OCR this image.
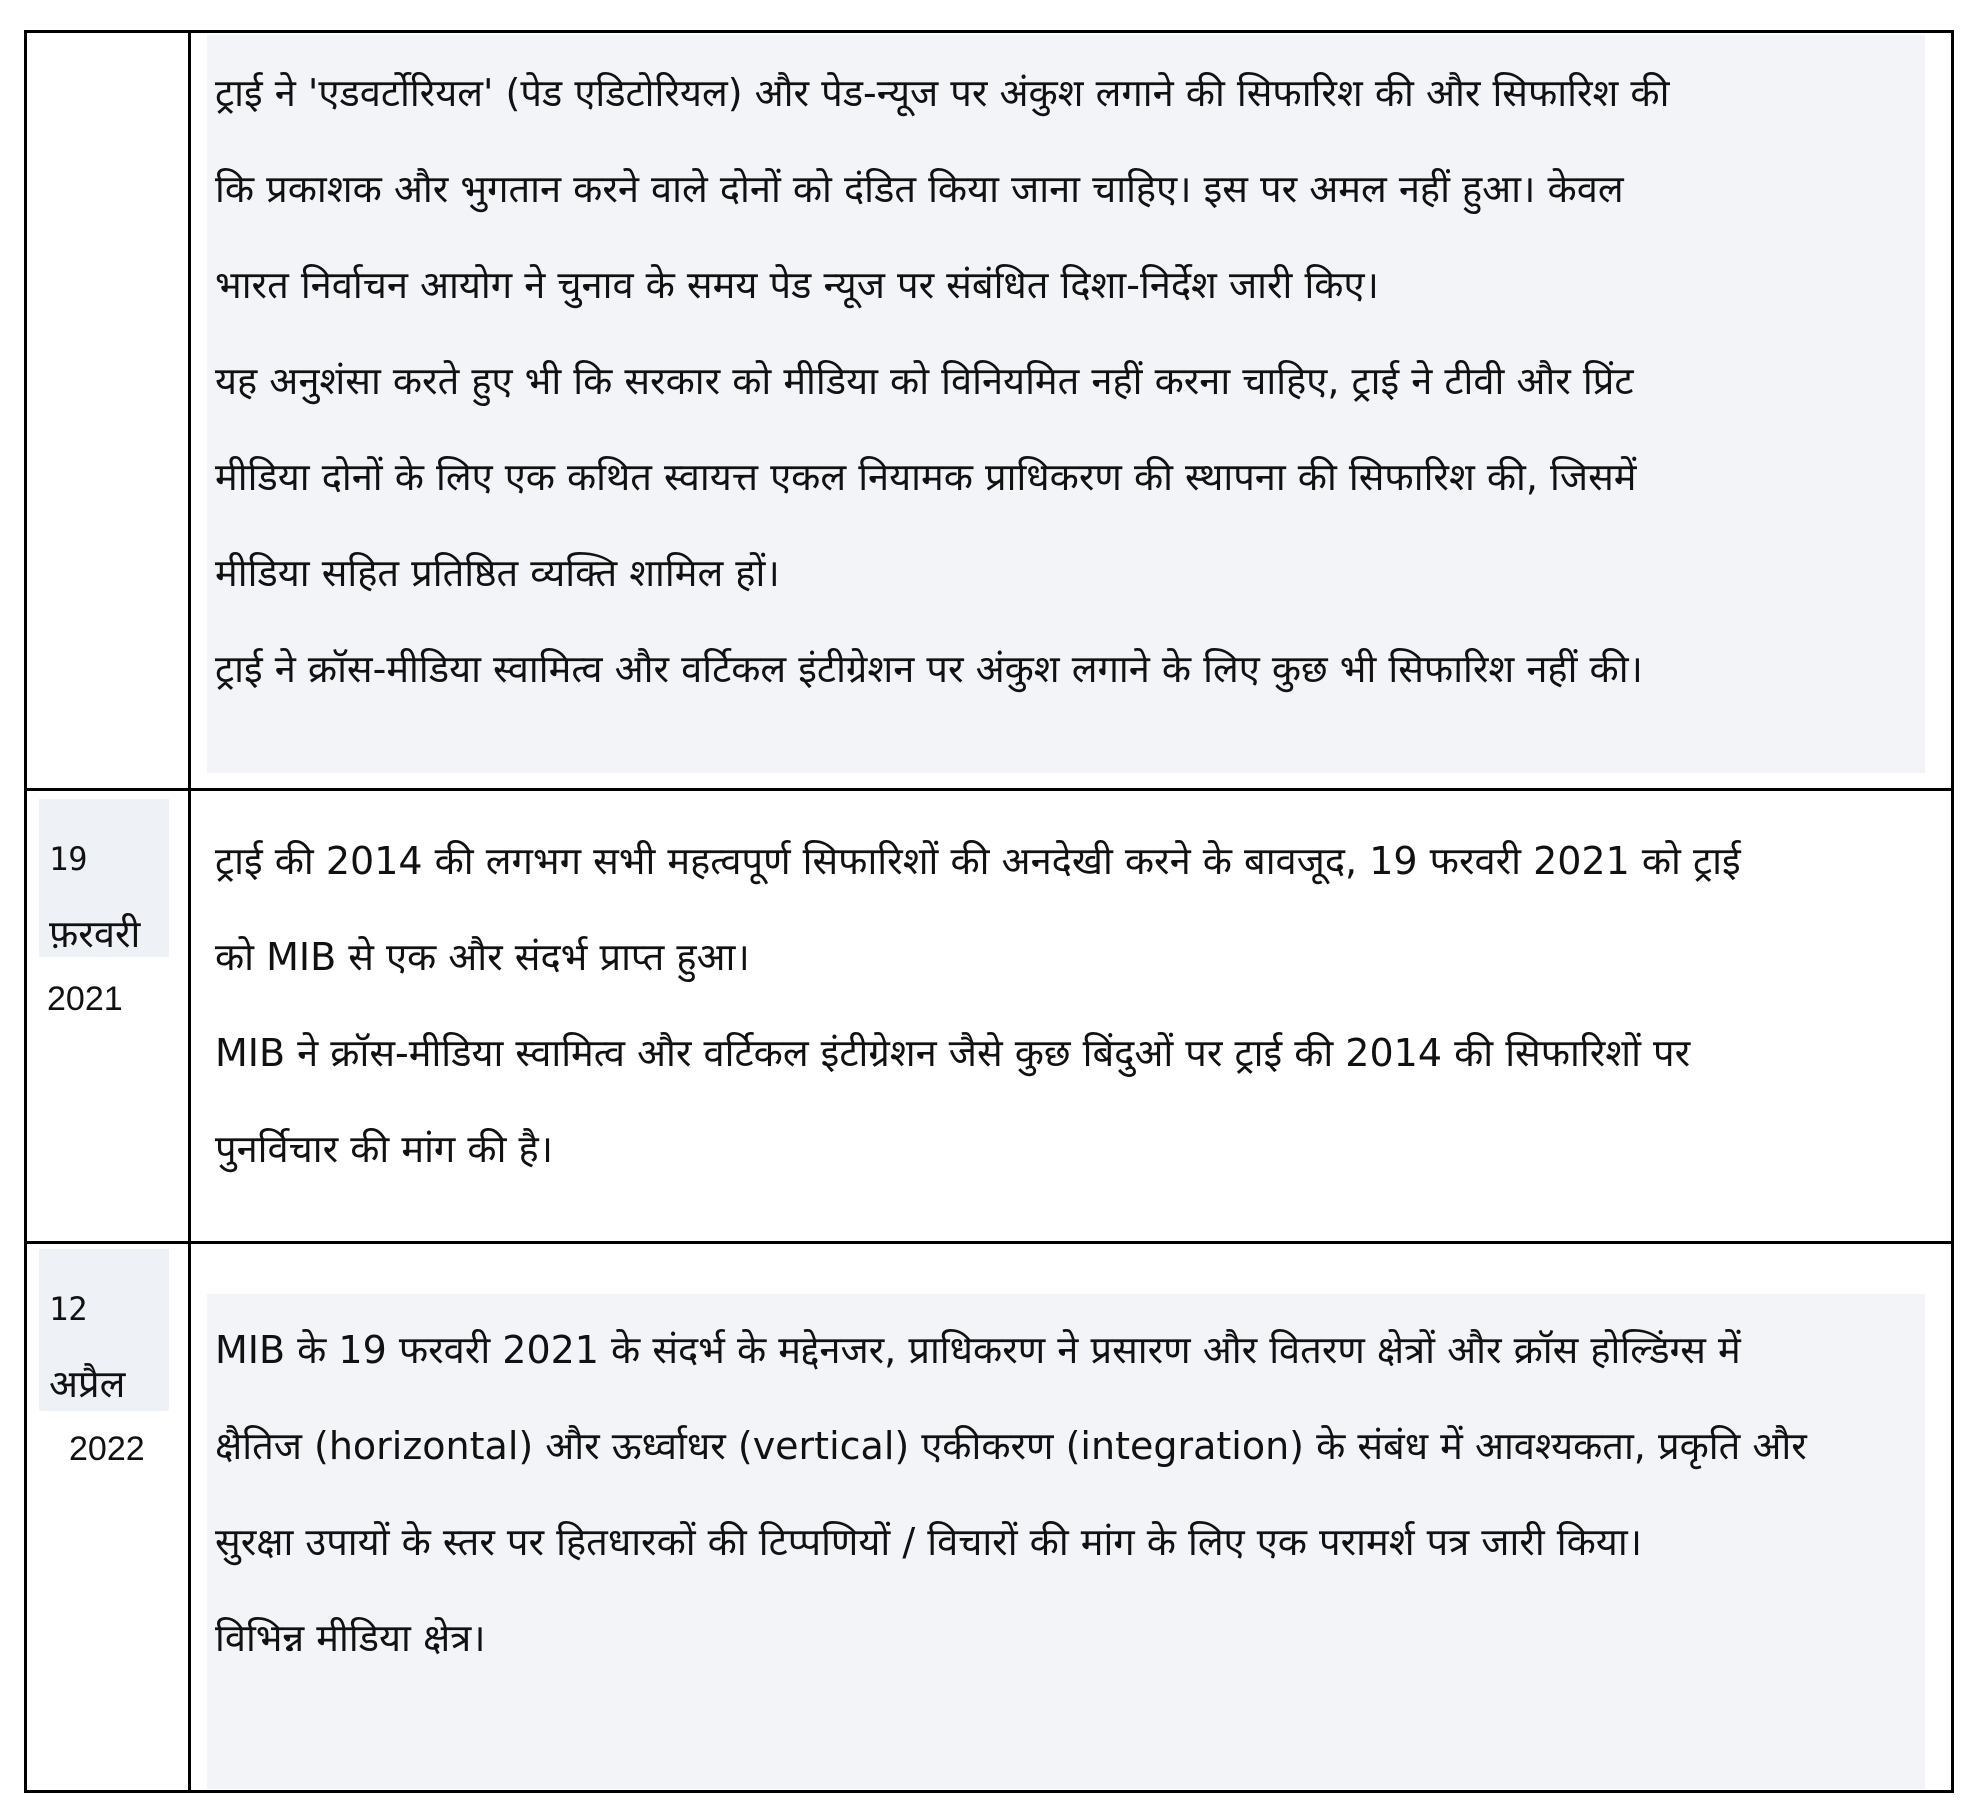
ट्राई ने 'एडवर्टोरियल' (पेड एडिटोरियल) और पेड-न्यूज पर अंकुश लगाने की सिफारिश की और सिफारिश की
कि प्रकाशक और भुगतान करने वाले दोनों को दंडित किया जाना चाहिए। इस पर अमल नहीं हुआ। केवल
भारत निर्वाचन आयोग ने चुनाव के समय पेड न्यूज पर संबंधित दिशा-निर्देश जारी किए।
यह अनुशंसा करते हुए भी कि सरकार को मीडिया को विनियमित नहीं करना चाहिए, ट्राई ने टीवी और प्रिंट
मीडिया दोनों के लिए एक कथित स्वायत्त एकल नियामक प्राधिकरण की स्थापना की सिफारिश की, जिसमें
मीडिया सहित प्रतिष्ठित व्यक्ति शामिल हों।
ट्राई ने क्रॉस-मीडिया स्वामित्व और वर्टिकल इंटीग्रेशन पर अंकुश लगाने के लिए कुछ भी सिफारिश नहीं की।
19
फ़रवरी
2021
ट्राई की 2014 की लगभग सभी महत्वपूर्ण सिफारिशों की अनदेखी करने के बावजूद, 19 फरवरी 2021 को ट्राई
को MIB से एक और संदर्भ प्राप्त हुआ।
MIB ने क्रॉस-मीडिया स्वामित्व और वर्टिकल इंटीग्रेशन जैसे कुछ बिंदुओं पर ट्राई की 2014 की सिफारिशों पर
पुनर्विचार की मांग की है।
12
अप्रैल
2022
MIB के 19 फरवरी 2021 के संदर्भ के मद्देनजर, प्राधिकरण ने प्रसारण और वितरण क्षेत्रों और क्रॉस होल्डिंग्स में
क्षैतिज (horizontal) और ऊर्ध्वाधर (vertical) एकीकरण (integration) के संबंध में आवश्यकता, प्रकृति और
सुरक्षा उपायों के स्तर पर हितधारकों की टिप्पणियों / विचारों की मांग के लिए एक परामर्श पत्र जारी किया।
विभिन्न मीडिया क्षेत्र।
